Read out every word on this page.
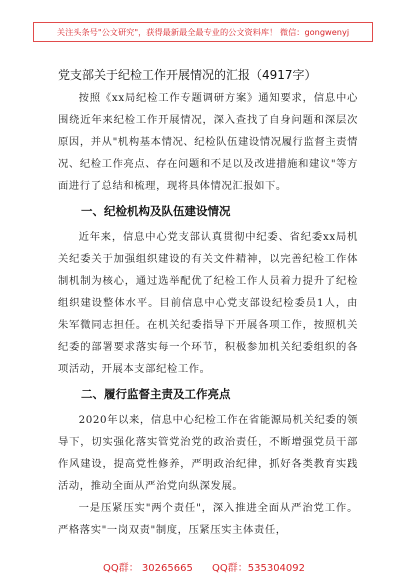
关注头条号"公文研究"，获得最新最全最专业的公文资料库！ 微信：gongwenyj
党支部关于纪检工作开展情况的汇报（4917字）

按照《xx局纪检工作专题调研方案》通知要求，信息中心围绕近年来纪检工作开展情况，深入查找了自身问题和深层次原因，并从"机构基本情况、纪检队伍建设情况履行监督主责情况、纪检工作亮点、存在问题和不足以及改进措施和建议"等方面进行了总结和梳理，现将具体情况汇报如下。

一、纪检机构及队伍建设情况

近年来，信息中心党支部认真贯彻中纪委、省纪委xx局机关纪委关于加强组织建设的有关文件精神，以完善纪检工作体制机制为核心，通过选举配优了纪检工作人员着力提升了纪检组织建设整体水平。目前信息中心党支部设纪检委员1人，由朱军微同志担任。在机关纪委指导下开展各项工作，按照机关纪委的部署要求落实每一个环节，积极参加机关纪委组织的各项活动，开展本支部纪检工作。

二、履行监督主责及工作亮点

2020年以来，信息中心纪检工作在省能源局机关纪委的领导下，切实强化落实管党治党的政治责任，不断增强党员干部作风建设，提高党性修养，严明政治纪律，抓好各类教育实践活动，推动全面从严治党向纵深发展。

一是压紧压实"两个责任"，深入推进全面从严治党工作。严格落实"一岗双责"制度，压紧压实主体责任，

QQ群： 30265665 QQ群：535304092
